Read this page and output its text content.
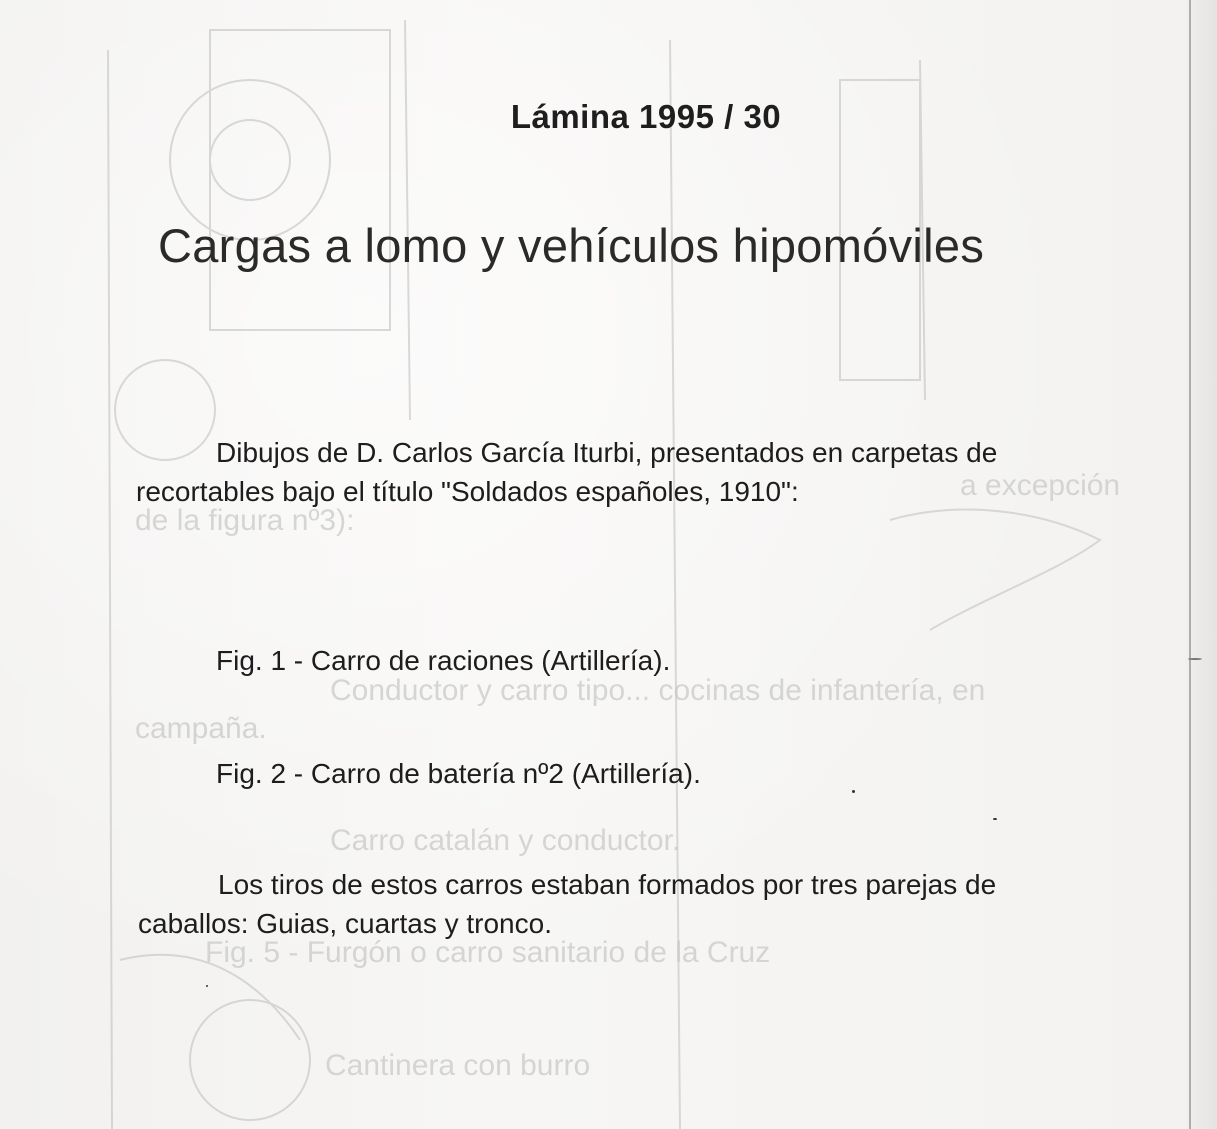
a excepción
de la figura nº3):
Conductor y carro tipo... cocinas de infantería, en
campaña.
Carro catalán y conductor.
Fig. 5 - Furgón o carro sanitario de la Cruz
Cantinera con burro
Lámina 1995 / 30
Cargas a lomo y vehículos hipomóviles
Dibujos de D. Carlos García Iturbi, presentados en carpetas de
recortables bajo el título "Soldados españoles, 1910":
Fig. 1 - Carro de raciones (Artillería).
Fig. 2 - Carro de batería nº2 (Artillería).
Los tiros de estos carros estaban formados por tres parejas de
caballos: Guias, cuartas y tronco.
